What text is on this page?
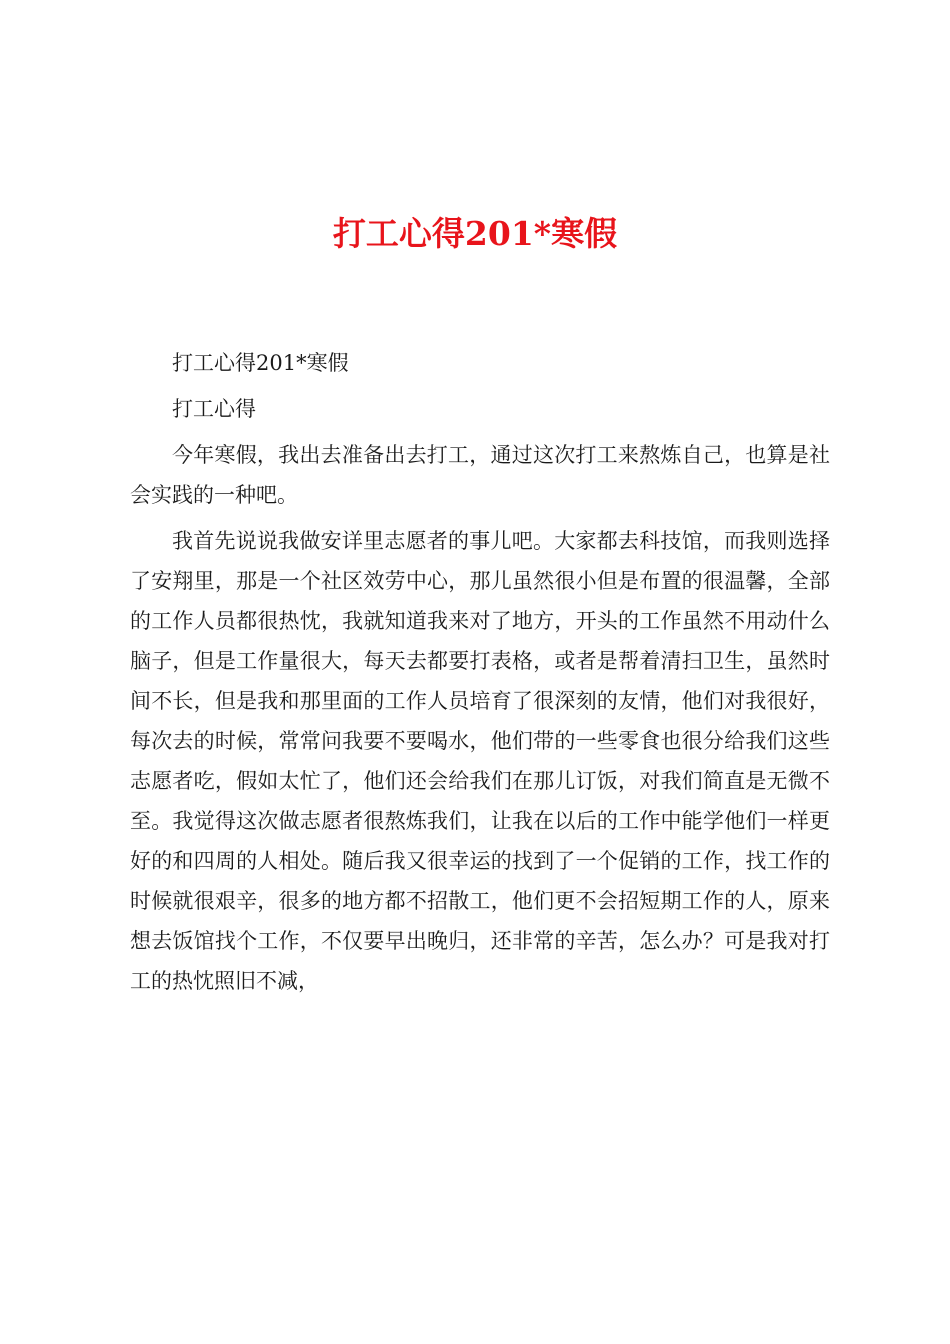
打工心得201*寒假

打工心得201*寒假

打工心得

今年寒假，我出去准备出去打工，通过这次打工来熬炼自己，也算是社会实践的一种吧。

我首先说说我做安详里志愿者的事儿吧。大家都去科技馆，而我则选择了安翔里，那是一个社区效劳中心，那儿虽然很小但是布置的很温馨，全部的工作人员都很热忱，我就知道我来对了地方，开头的工作虽然不用动什么脑子，但是工作量很大，每天去都要打表格，或者是帮着清扫卫生，虽然时间不长，但是我和那里面的工作人员培育了很深刻的友情，他们对我很好，每次去的时候，常常问我要不要喝水，他们带的一些零食也很分给我们这些志愿者吃，假如太忙了，他们还会给我们在那儿订饭，对我们简直是无微不至。我觉得这次做志愿者很熬炼我们，让我在以后的工作中能学他们一样更好的和四周的人相处。随后我又很幸运的找到了一个促销的工作，找工作的时候就很艰辛，很多的地方都不招散工，他们更不会招短期工作的人，原来想去饭馆找个工作，不仅要早出晚归，还非常的辛苦，怎么办？可是我对打工的热忱照旧不减，
